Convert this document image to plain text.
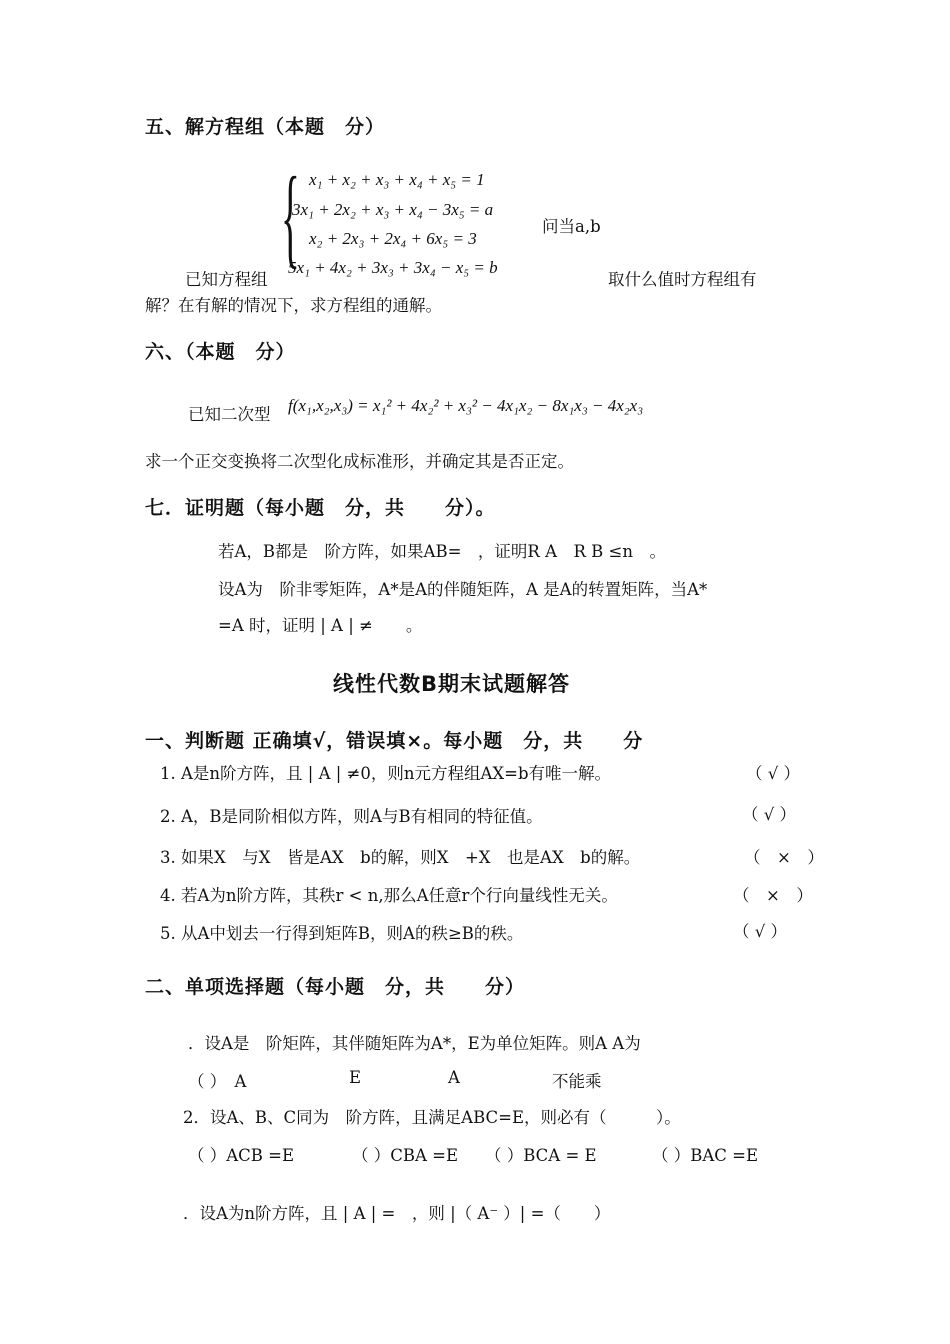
五、解方程组（本题　分）
{ x₁ + x₂ + x₃ + x₄ + x₅ = 1
3x₁ + 2x₂ + x₃ + x₄ − 3x₅ = a
x₂ + 2x₃ + 2x₄ + 6x₅ = 3
5x₁ + 4x₂ + 3x₃ + 3x₄ − x₅ = b
已知方程组
问当a,b
取什么值时方程组有
解？在有解的情况下，求方程组的通解。
六、（本题　分）
已知二次型 f(x₁,x₂,x₃) = x₁² + 4x₂² + x₃² − 4x₁x₂ − 8x₁x₃ − 4x₂x₃
求一个正交变换将二次型化成标准形，并确定其是否正定。
七．证明题（每小题　分，共　　分）。
若A，B都是　阶方阵，如果AB=　，证明R A　R B ≤n　。
设A为　阶非零矩阵，A*是A的伴随矩阵，A 是A的转置矩阵，当A*
=A 时，证明 | A | ≠　　。
线性代数B期末试题解答
一、判断题 正确填√，错误填×。每小题　分，共　　分
1. A是n阶方阵，且 | A | ≠0，则n元方程组AX=b有唯一解。	（ √ ）
2. A，B是同阶相似方阵，则A与B有相同的特征值。	（ √ ）
3. 如果X　与X　皆是AX　b的解，则X　+X　也是AX　b的解。	（　×　）
4. 若A为n阶方阵，其秩r < n,那么A任意r个行向量线性无关。	（　×　）
5. 从A中划去一行得到矩阵B，则A的秩≥B的秩。	（ √ ）
二、单项选择题（每小题　分，共　　分）
．设A是　阶矩阵，其伴随矩阵为A*，E为单位矩阵。则A A为
（ ）　A	E	A	不能乘
2．设A、B、C同为　阶方阵，且满足ABC=E，则必有（　　　）。
（ ）ACB =E	（ ）CBA =E （ ）BCA = E	（ ）BAC =E
．设A为n阶方阵，且 | A | =　，则 |（ A⁻ ）| =（　　）
